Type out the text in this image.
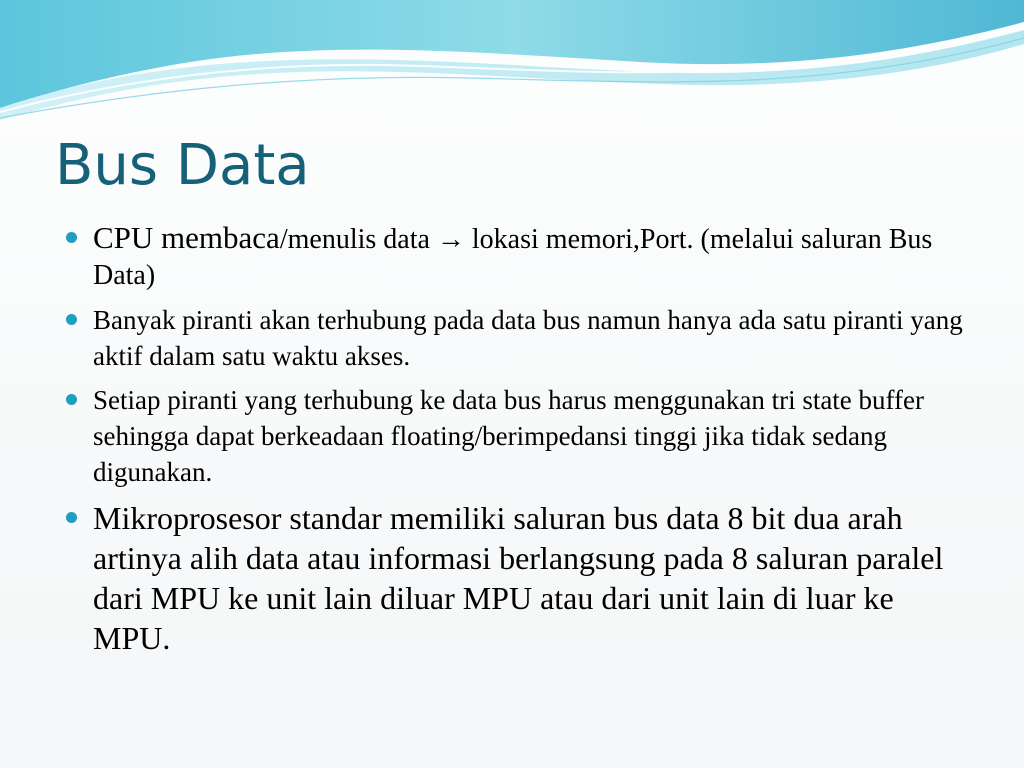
Bus Data
CPU membaca/menulis data → lokasi memori,Port. (melalui saluran Bus Data)
Banyak piranti akan terhubung pada data bus namun hanya ada satu piranti yang aktif dalam satu waktu akses.
Setiap piranti yang terhubung ke data bus harus menggunakan tri state buffer sehingga dapat berkeadaan floating/berimpedansi tinggi jika tidak sedang digunakan.
Mikroprosesor standar memiliki saluran bus data 8 bit dua arah artinya alih data atau informasi berlangsung pada 8 saluran paralel dari MPU ke unit lain diluar MPU atau dari unit lain di luar ke MPU.
